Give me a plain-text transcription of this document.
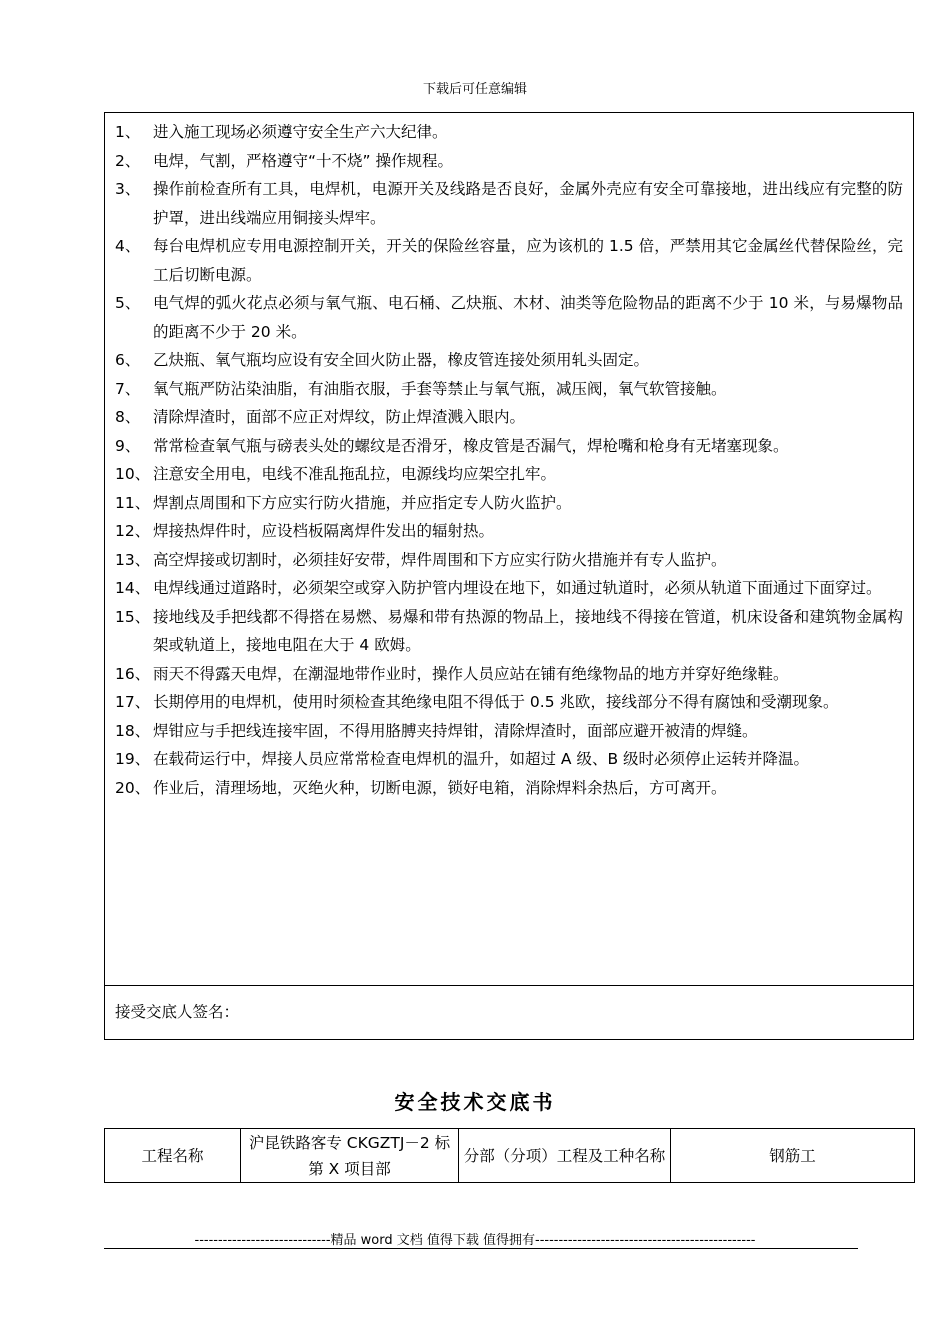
下载后可任意编辑
1、 进入施工现场必须遵守安全生产六大纪律。
2、 电焊，气割，严格遵守“十不烧” 操作规程。
3、 操作前检查所有工具，电焊机，电源开关及线路是否良好，金属外壳应有安全可靠接地，进出线应有完整的防护罩，进出线端应用铜接头焊牢。
4、 每台电焊机应专用电源控制开关，开关的保险丝容量，应为该机的 1.5 倍，严禁用其它金属丝代替保险丝，完工后切断电源。
5、 电气焊的弧火花点必须与氧气瓶、电石桶、乙炔瓶、木材、油类等危险物品的距离不少于 10 米，与易爆物品的距离不少于 20 米。
6、 乙炔瓶、氧气瓶均应设有安全回火防止器，橡皮管连接处须用轧头固定。
7、 氧气瓶严防沾染油脂，有油脂衣服，手套等禁止与氧气瓶，减压阀，氧气软管接触。
8、 清除焊渣时，面部不应正对焊纹，防止焊渣溅入眼内。
9、 常常检查氧气瓶与磅表头处的螺纹是否滑牙，橡皮管是否漏气，焊枪嘴和枪身有无堵塞现象。
10、 注意安全用电，电线不准乱拖乱拉，电源线均应架空扎牢。
11、 焊割点周围和下方应实行防火措施，并应指定专人防火监护。
12、 焊接热焊件时，应设档板隔离焊件发出的辐射热。
13、 高空焊接或切割时，必须挂好安带，焊件周围和下方应实行防火措施并有专人监护。
14、 电焊线通过道路时，必须架空或穿入防护管内埋设在地下，如通过轨道时，必须从轨道下面通过下面穿过。
15、 接地线及手把线都不得搭在易燃、易爆和带有热源的物品上，接地线不得接在管道，机床设备和建筑物金属构架或轨道上，接地电阻在大于 4 欧姆。
16、 雨天不得露天电焊，在潮湿地带作业时，操作人员应站在铺有绝缘物品的地方并穿好绝缘鞋。
17、 长期停用的电焊机，使用时须检查其绝缘电阻不得低于 0.5 兆欧，接线部分不得有腐蚀和受潮现象。
18、 焊钳应与手把线连接牢固，不得用胳膊夹持焊钳，清除焊渣时，面部应避开被清的焊缝。
19、 在载荷运行中，焊接人员应常常检查电焊机的温升，如超过 A 级、B 级时必须停止运转并降温。
20、 作业后，清理场地，灭绝火种，切断电源，锁好电箱，消除焊料余热后，方可离开。
接受交底人签名：
安全技术交底书
工程名称	沪昆铁路客专 CKGZTJ－2 标第 X 项目部	分部（分项）工程及工种名称	钢筋工
-----------------------------精品 word 文档 值得下载 值得拥有-----------------------------------------------
